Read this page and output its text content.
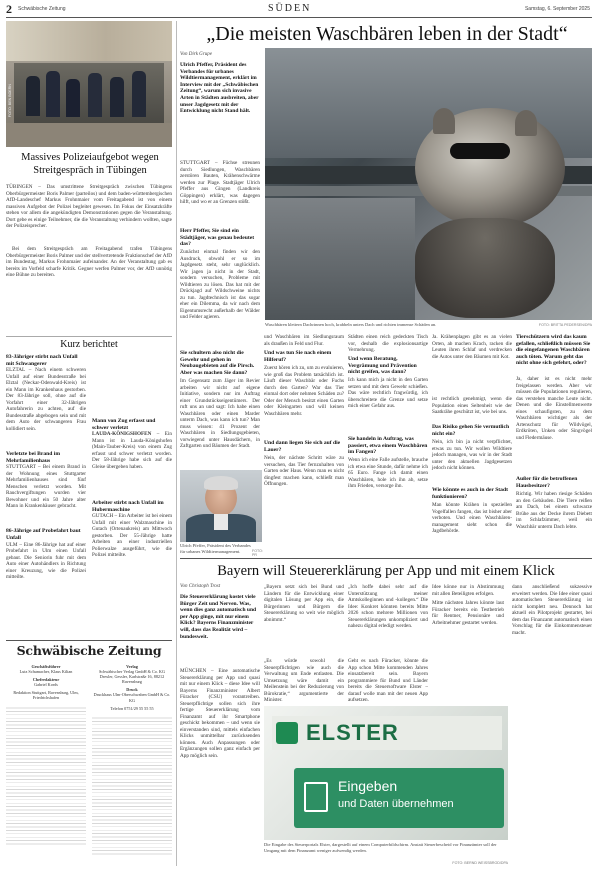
2 Schwäbische Zeitung	SÜDEN	Samstag, 6. September 2025
FOTO: BEN BOERN
Massives Polizeiaufgebot wegen Streitgespräch in Tübingen
TÜBINGEN – Das umstrittene Streitgespräch zwischen Tübingens Oberbürgermeister Boris Palmer (parteilos) und dem baden-württembergischen AfD-Landeschef Markus Frohnmaier vom Freitagabend ist von einem massiven Aufgebot der Polizei begleitet gewesen. Im Fokus der Einsatzkräfte stehen vor allem die angekündigten Demonstrationen gegen die Veranstaltung. Dort gebe es einige Teilnehmer, die die Veranstaltung verhindern wollten, sagte der Polizeisprecher.
Bei dem Streitgespräch am Freitagabend trafen Tübingens Oberbürgermeister Boris Palmer und der stellvertretende Fraktionschef der AfD im Bundestag, Markus Frohnmaier aufeinander. An der Veranstaltung gab es bereits im Vorfeld scharfe Kritik. Gegner werfen Palmer vor, der AfD unnötig eine Bühne zu bereiten.
Kurz berichtet
83-Jähriger stirbt nach Unfall mit Schwangerer
ELZTAL – Nach einem schweren Unfall auf einer Bundesstraße bei Elztal (Neckar-Odenwald-Kreis) ist ein Mann im Krankenhaus gestorben. Der 83-Jährige soll, ohne auf die Vorfahrt einer 32-Jährigen Autofahrerin zu achten, auf die Bundesstraße abgebogen sein und mit dem Auto der schwangeren Frau kollidiert sein.
Verletzte bei Brand im Mehrfamilienhaus
STUTTGART – Bei einem Brand in der Wohnung eines Stuttgarter Mehrfamilienhauses sind fünf Menschen verletzt worden. Mit Rauchvergiftungen wurden vier Bewohner und ein 50 Jahre alter Mann in Krankenhäuser gebracht.
86-Jährige auf Probefahrt baut Unfall
ULM – Eine 86-Jährige hat auf einer Probefahrt in Ulm einen Unfall gebaut. Die Seniorin fuhr mit dem Auto einer Autohändlers in Richtung einer Kreuzung, wie die Polizei mitteilte.
Mann von Zug erfasst und schwer verletzt
LAUDA-KÖNIGSHOFEN – Ein Mann ist in Lauda-Königshofen (Main-Tauber-Kreis) von einem Zug erfasst und schwer verletzt worden. Der 58-Jährige habe sich auf die Gleise übergeben haben.
Arbeiter stirbt nach Unfall im Hubermaschine
GUTACH – Ein Arbeiter ist bei einem Unfall mit einer Walzmaschine in Gutach (Ortenaukreis) am Mittwoch gestorben. Der 55-Jährige hatte Arbeiten an einer industriellen Polierwalze ausgeführt, wie die Polizei mitteilte.
Schwäbische Zeitung
Geschäftsführer
Lutz Schumacher, Klaus Kilian
Chefredakteur
Gabriel Kords
Redaktion Stuttgart, Ravensburg, Ulm, Friedrichshafen
Verlag
Schwäbischer Verlag GmbH & Co. KG Drexler, Gessler, Karlstraße 16, 88212 Ravensburg
Druck
Druckhaus Ulm-Oberschwaben GmbH & Co. KG
Telefon 0751/29 55 55 55
„Die meisten Waschbären leben in der Stadt“
Von Dirk Grupe
Waschbären klettern Dachrinnen hoch, krabbeln unters Dach und richten immense Schäden an.	FOTO: BRITTA PEDERSEN/DPA
Ulrich Pfeffer, Präsident des Verbandes für urbanes Wildtiermanagement, erklärt im Interview mit der „Schwäbischen Zeitung“, warum sich invasive Arten in Städten ausbreiten, aber unser Jagdgesetz mit der Entwicklung nicht Stand hält.
STUTTGART – Füchse streunen durch Siedlungen, Waschbären zerstören Bauten, Krähenschwärme werden zur Plage. Stadtjäger Ulrich Pfeffer aus Gingen (Landkreis Göppingen) erklärt, was dagegen hilft, und wo er an Grenzen stößt.
Herr Pfeffer, Sie sind ein Städtjäger, was genau bedeutet das?
Zunächst einmal finden wir den Ausdruck, obwohl er so im Jagdgesetz steht, sehr unglücklich. Wir jagen ja nicht in der Stadt, sondern versuchen, Probleme mit Wildtieren zu lösen. Das hat mit der Drückjagd auf Wildschweine nichts zu tun. Jagdtechnisch ist das sogar eher ein Dilemma, da wir nach dem Eigentumsrecht außerhalb der Wälder und Felder agieren.
Sie schultern also nicht die Gewehr und gehen in Neubaugebieten auf die Pirsch. Aber was machen Sie dann?
Im Gegensatz zum Jäger im Revier arbeiten wir nicht auf eigene Initiative, sondern nur im Auftrag einer Grundstückseigentümers. Der ruft uns an und sagt: Ich habe einen Waschbären oder einen Marder unterm Dach, was kann ich tun? Man muss wissen: 41 Prozent der Waschbären in Siedlungsgebieten, vorwiegend unter Hausdächern, in Zaftgarten und Bäumen der Stadt.
und Waschbären im Siedlungsraum als draußen in Feld und Flur.
Und was tun Sie nach einem Hilferuf?
Zuerst hören ich zu, um zu evaluieren, wie groß das Problem tatsächlich ist. Läuft dieser Waschbär oder Fuchs durch den Garten? War das Tier einmal dort oder nehmen Schäden zu? Oder der Mensch besitzt einen Garten oder Kleingarten und will keinen Waschbären mehr.
Und dann liegen Sie sich auf die Lauer?
Nein, der nächste Schritt wäre zu versuchen, das Tier fernzuhalten von Garten oder Haus. Wenn man es nicht dingfest machen kann, schließt man Öffnungen.
Städten einen reich gedeckten Tisch vor, deshalb die explosionsartige Vermehrung.
Und wenn Beratung, Vergrämung und Prävention nicht greifen, was dann?
Ich kann mich ja nicht in den Garten setzen und mit dem Gewehr schießen. Das wäre rechtlich fragwürdig, ich überschreitete die Grenze und setze mich einer Gefahr aus.
Sie handeln in Auftrag, was passiert, etwa einem Waschbären im Fangen?
Wenn ich eine Falle aufstelle, brauche ich etwa eine Stunde, dafür nehme ich 65 Euro. Fange ich damit einen Waschbären, hole ich ihn ab, setze ihm Frieden, versorge ihn.
Ja. Krähenplagen gibt es an vielen Orten, ab machen Krach, racken die Leuten ihren Schlaf und verdrecken die Autos unter den Bäumen mit Kot.
ist rechtlich genehmigt, wenn die Population eines Seltenheit wie der Saatkrähe geschützt ist, wie bei uns.
Das Risiko gehen Sie vermutlich nicht ein?
Nein, ich bin ja nicht verpflichtet, etwas zu tun. Wir wollen Wildtiere jedoch managen, was wir in der Stadt unter den aktuellen Jagdgesetzen jedoch nicht können.
Wie könnte es auch in der Stadt funktionieren?
Man könnte Krähen in speziellen Vogelfallen fangen, das ist bisher aber verboten. Und einen Waschbären-management sieht schon die Jagdbehörde.
Tierschützern wird das kaum gefallen, schließlich müssen Sie die eingefangenen Waschbären auch töten. Warum geht das nicht ohne sich gefehrt, oder?
Ja, daher ist es nicht mehr freigelassen werden. Aber wir müssen die Populationen regulieren, das verstehen manche Leute nicht. Denen und die Einstellmenwerte eines schaufigsten, zu dem Waschbären wichtiger als der Artenschutz für Wildvögel, Erdkröten, Unken oder Singvögel und Fledermäuse.
Außer für die betroffenen Hausbesitzer?
Richtig. Wir haben riesige Schäden an den Gebäuden. Die Tiere reißen am Dach, bei einem schwarze Brühe aus der Decke ihrem Diebett im Schlafzimmer, weil ein Waschbär unterm Dach lebte.
Ulrich Pfeffer, Präsident des Verbandes für urbanes Wildtiermanagement.	FOTO: PR
Bayern will Steuererklärung per App und mit einem Klick
Von Christoph Trost
Die Steuererklärung kostet viele Bürger Zeit und Nerven. Was, wenn dies ganz automatisch und per App ginge, mit nur einem Klick? Bayerns Finanzminister will, dass das Realität wird – bundesweit.
MÜNCHEN – Eine automatische Steuererklärung per App und quasi mit nur einem Klick – diese Idee will Bayerns Finanzminister Albert Füracker (CSU) vorantreiben. Steuerpflichtige sollen sich ihre fertige Steuererklärung vom Finanzamt auf ihr Smartphone geschickt bekommen – und wenn sie einverstanden sind, mittels einfachen Klicks unmittelbar zurücksenden können. Auch Anpassungen oder Ergänzungen sollen ganz einfach per App möglich sein.
„Bayern setzt sich bei Bund und Ländern für die Entwicklung einer digitalen Lösung per App ein, die Bürgerinnen und Bürgern die Steuererklärung so weit wie möglich abnimmt.“
„Ich hoffe dabei sehr auf die Unterstützung meiner Amtskolleginnen und -kollegen.“ Die Idee: Konkret könnten bereits Mitte 2026 schon mehrere Millionen von Steuererklärungen unkompliziert und nahezu digital erledigt werden.
„Es würde sowohl die Steuerpflichtigen wie auch die Verwaltung um Ende entlasten. Die Umsetzung wäre damit ein Meilenstein bei der Reduzierung von Bürokratie,“ argumentierte der Minister.
Geht es nach Füracker, könnte die App schon Mitte kommenden Jahres einsatzbereit sein. Bayern programmiere für Bund und Länder bereits die Steuersoftware Elster – darauf wolle man mit der neuen App aufsetzen.
Idee könne nur in Abstimmung mit allen Beteiligten erfolgen.
Mitte nächsten Jahres könnte laut Füracker bereits ein Testbetrieb für Rentner, Pensionäre und Arbeitnehmer gestartet werden.
dann anschließend sukzessive erweitert werden. Die Idee einer quasi automatischen Steuererklärung ist nicht komplett neu. Dennoch hat aktuell ein Pilotprojekt gestartet, bei dem das Finanzamt automatisch einen Vorschlag für die Einkommensteuer macht.
ELSTER
Eingeben
und Daten übernehmen
Die Eingabe des Steuerportals Elster, dargestellt auf einem Computerbildschirm. Anstatt Steuerbescheid vor Finanzämter soll der Umgang mit dem Finanzamt weniger aufwendig werden.
FOTO: BERND WEISSBROD/DPA
